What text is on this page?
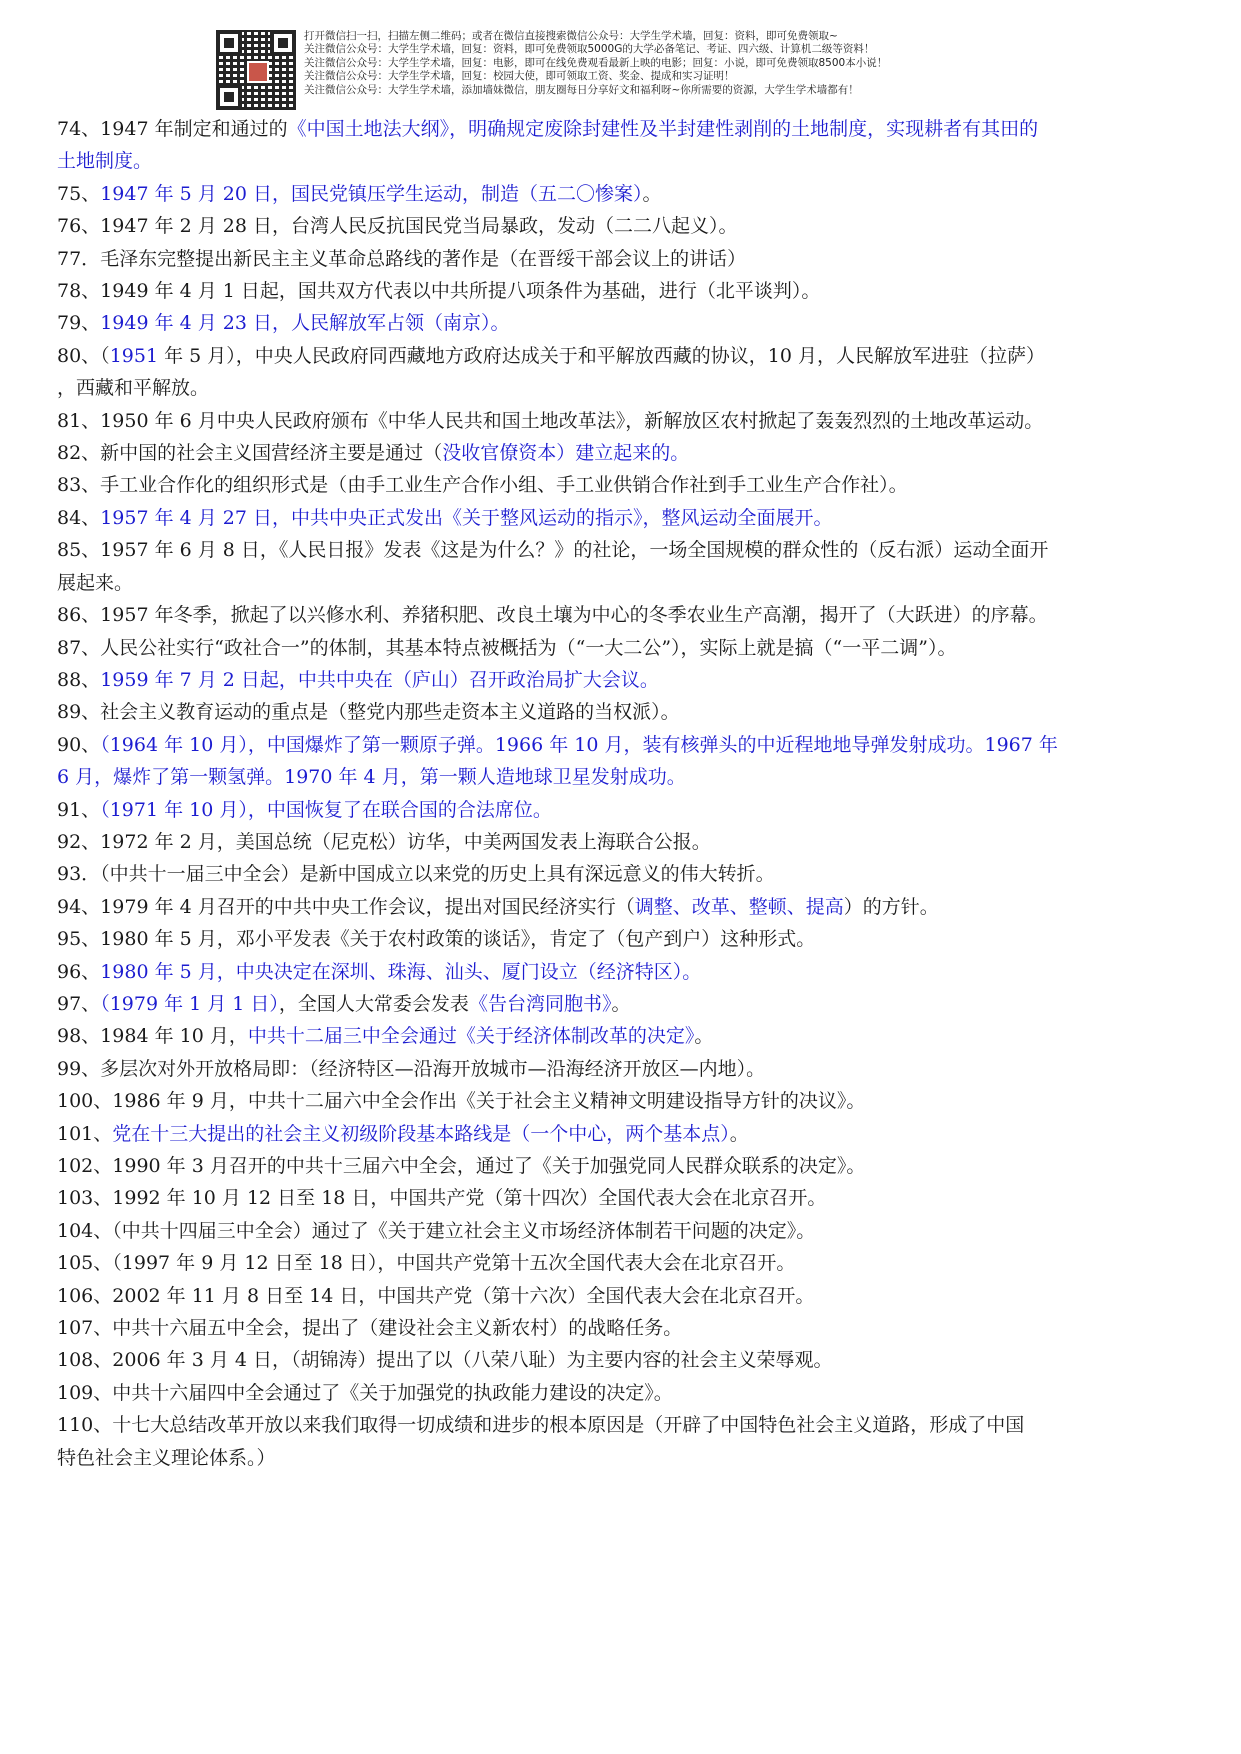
打开微信扫一扫，扫描左侧二维码；或者在微信直接搜索微信公众号：大学生学术墙，回复：资料，即可免费领取~
关注微信公众号：大学生学术墙，回复：资料，即可免费领取5000G的大学必备笔记、考证、四六级、计算机二级等资料！
关注微信公众号：大学生学术墙，回复：电影，即可在线免费观看最新上映的电影；回复：小说，即可免费领取8500本小说！
关注微信公众号：大学生学术墙，回复：校园大使，即可领取工资、奖金、提成和实习证明！
关注微信公众号：大学生学术墙，添加墙妹微信，朋友圈每日分享好文和福利呀~你所需要的资源，大学生学术墙都有！
74、1947 年制定和通过的《中国土地法大纲》，明确规定废除封建性及半封建性剥削的土地制度，实现耕者有其田的
土地制度。
75、1947 年 5 月 20 日，国民党镇压学生运动，制造（五二〇惨案）。
76、1947 年 2 月 28 日，台湾人民反抗国民党当局暴政，发动（二二八起义）。
77．毛泽东完整提出新民主主义革命总路线的著作是（在晋绥干部会议上的讲话）
78、1949 年 4 月 1 日起，国共双方代表以中共所提八项条件为基础，进行（北平谈判）。
79、1949 年 4 月 23 日，人民解放军占领（南京）。
80、（1951 年 5 月），中央人民政府同西藏地方政府达成关于和平解放西藏的协议，10 月，人民解放军进驻（拉萨）
，西藏和平解放。
81、1950 年 6 月中央人民政府颁布《中华人民共和国土地改革法》，新解放区农村掀起了轰轰烈烈的土地改革运动。
82、新中国的社会主义国营经济主要是通过（没收官僚资本）建立起来的。
83、手工业合作化的组织形式是（由手工业生产合作小组、手工业供销合作社到手工业生产合作社）。
84、1957 年 4 月 27 日，中共中央正式发出《关于整风运动的指示》，整风运动全面展开。
85、1957 年 6 月 8 日，《人民日报》发表《这是为什么？》的社论，一场全国规模的群众性的（反右派）运动全面开
展起来。
86、1957 年冬季，掀起了以兴修水利、养猪积肥、改良土壤为中心的冬季农业生产高潮，揭开了（大跃进）的序幕。
87、人民公社实行“政社合一”的体制，其基本特点被概括为（“一大二公”），实际上就是搞（“一平二调”）。
88、1959 年 7 月 2 日起，中共中央在（庐山）召开政治局扩大会议。
89、社会主义教育运动的重点是（整党内那些走资本主义道路的当权派）。
90、（1964 年 10 月），中国爆炸了第一颗原子弹。1966 年 10 月，装有核弹头的中近程地地导弹发射成功。1967 年
6 月，爆炸了第一颗氢弹。1970 年 4 月，第一颗人造地球卫星发射成功。
91、（1971 年 10 月），中国恢复了在联合国的合法席位。
92、1972 年 2 月，美国总统（尼克松）访华，中美两国发表上海联合公报。
93．（中共十一届三中全会）是新中国成立以来党的历史上具有深远意义的伟大转折。
94、1979 年 4 月召开的中共中央工作会议，提出对国民经济实行（调整、改革、整顿、提高）的方针。
95、1980 年 5 月，邓小平发表《关于农村政策的谈话》，肯定了（包产到户）这种形式。
96、1980 年 5 月，中央决定在深圳、珠海、汕头、厦门设立（经济特区）。
97、（1979 年 1 月 1 日），全国人大常委会发表《告台湾同胞书》。
98、1984 年 10 月，中共十二届三中全会通过《关于经济体制改革的决定》。
99、多层次对外开放格局即：（经济特区—沿海开放城市—沿海经济开放区—内地）。
100、1986 年 9 月，中共十二届六中全会作出《关于社会主义精神文明建设指导方针的决议》。
101、党在十三大提出的社会主义初级阶段基本路线是（一个中心，两个基本点）。
102、1990 年 3 月召开的中共十三届六中全会，通过了《关于加强党同人民群众联系的决定》。
103、1992 年 10 月 12 日至 18 日，中国共产党（第十四次）全国代表大会在北京召开。
104、（中共十四届三中全会）通过了《关于建立社会主义市场经济体制若干问题的决定》。
105、（1997 年 9 月 12 日至 18 日），中国共产党第十五次全国代表大会在北京召开。
106、2002 年 11 月 8 日至 14 日，中国共产党（第十六次）全国代表大会在北京召开。
107、中共十六届五中全会，提出了（建设社会主义新农村）的战略任务。
108、2006 年 3 月 4 日，（胡锦涛）提出了以（八荣八耻）为主要内容的社会主义荣辱观。
109、中共十六届四中全会通过了《关于加强党的执政能力建设的决定》。
110、十七大总结改革开放以来我们取得一切成绩和进步的根本原因是（开辟了中国特色社会主义道路，形成了中国
特色社会主义理论体系。）
